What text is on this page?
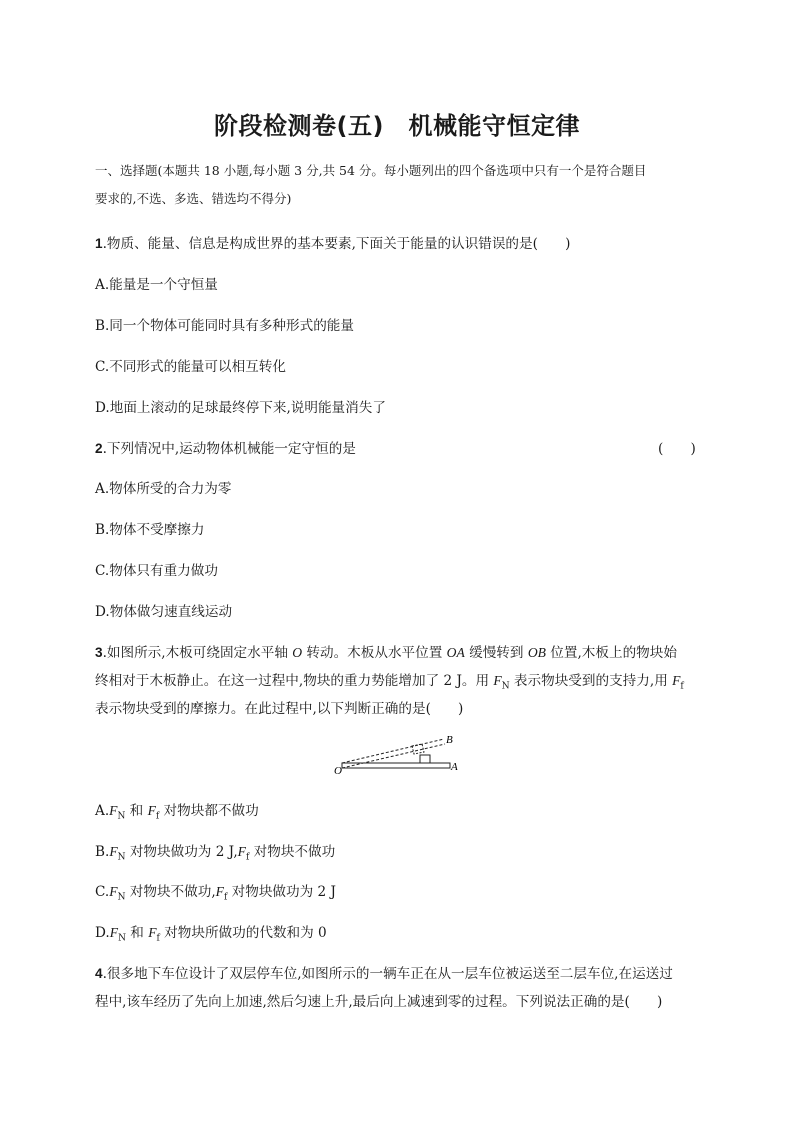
阶段检测卷(五)　机械能守恒定律
一、选择题(本题共 18 小题,每小题 3 分,共 54 分。每小题列出的四个备选项中只有一个是符合题目
要求的,不选、多选、错选均不得分)
1.物质、能量、信息是构成世界的基本要素,下面关于能量的认识错误的是(　　)
A.能量是一个守恒量
B.同一个物体可能同时具有多种形式的能量
C.不同形式的能量可以相互转化
D.地面上滚动的足球最终停下来,说明能量消失了
2.下列情况中,运动物体机械能一定守恒的是	(　　)
A.物体所受的合力为零
B.物体不受摩擦力
C.物体只有重力做功
D.物体做匀速直线运动
3.如图所示,木板可绕固定水平轴 O 转动。木板从水平位置 OA 缓慢转到 OB 位置,木板上的物块始
终相对于木板静止。在这一过程中,物块的重力势能增加了 2 J。用 $F_N$ 表示物块受到的支持力,用 $F_f$
表示物块受到的摩擦力。在此过程中,以下判断正确的是(　　)
O	A
B
$A.F_N$ 和 $F_f$ 对物块都不做功
$B.F_N$ 对物块做功为 2 $J,F_f$ 对物块不做功
$C.F_N$ 对物块不做功$,F_f$ 对物块做功为 2 J
$D.F_N$ 和 $F_f$ 对物块所做功的代数和为 0
4.很多地下车位设计了双层停车位,如图所示的一辆车正在从一层车位被运送至二层车位,在运送过
程中,该车经历了先向上加速,然后匀速上升,最后向上减速到零的过程。下列说法正确的是(　　)
